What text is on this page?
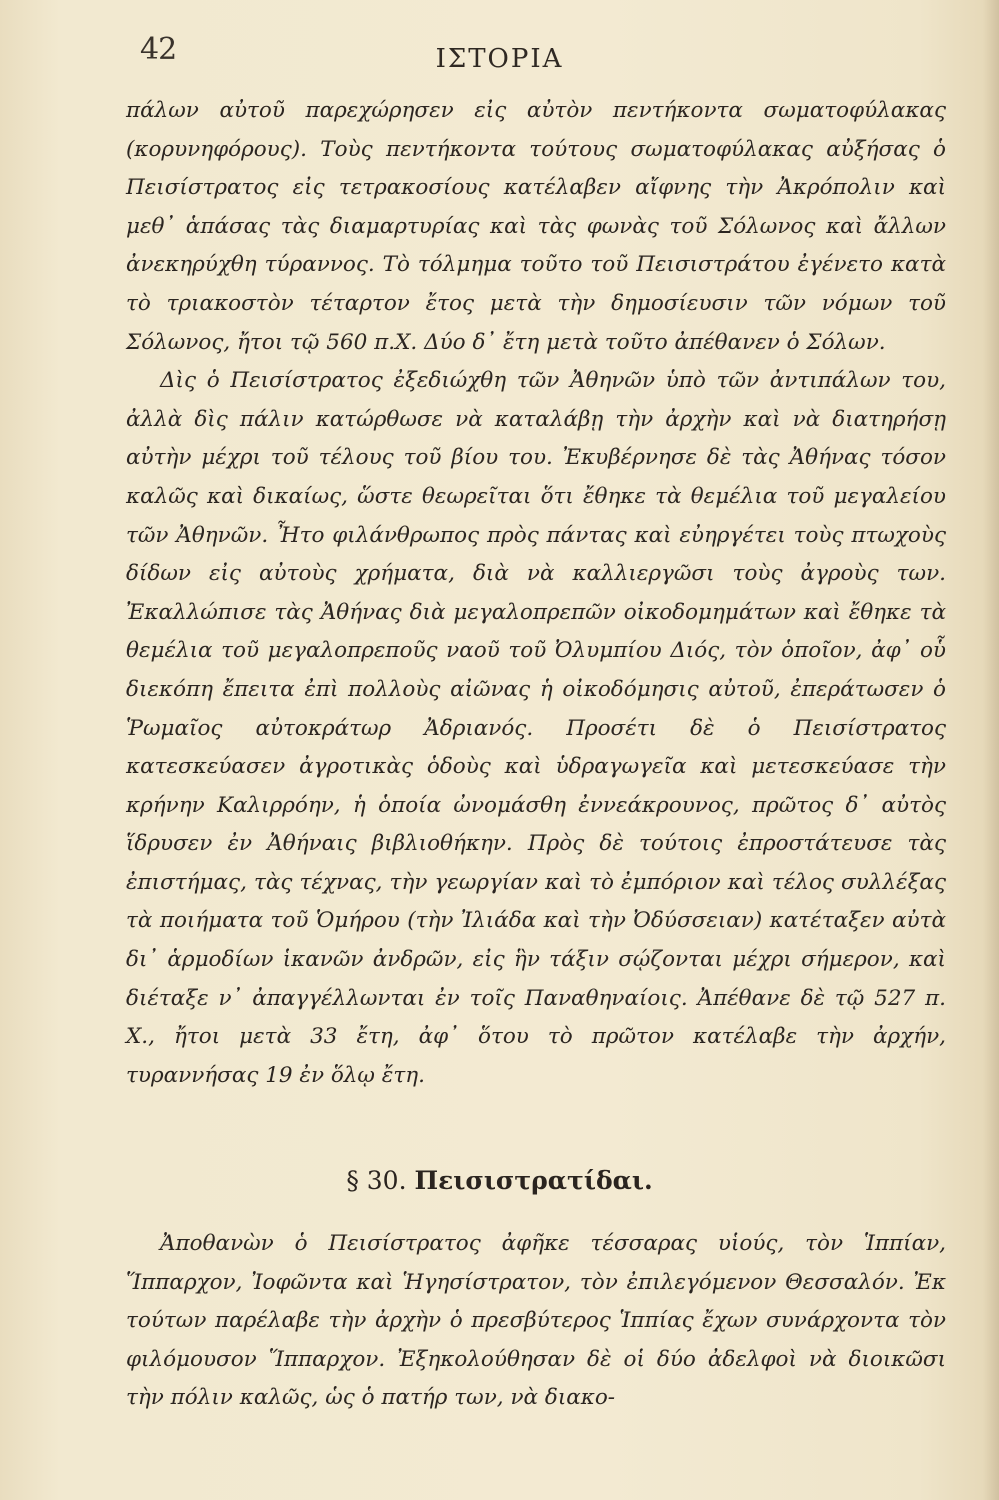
42	ΙΣΤΟΡΙΑ

πάλων αὐτοῦ παρεχώρησεν εἰς αὐτὸν πεντήκοντα σωματοφύλακας (κορυνηφόρους). Τοὺς πεντήκοντα τούτους σωματοφύλακας αὐξήσας ὁ Πεισίστρατος εἰς τετρακοσίους κατέλαβεν αἴφνης τὴν Ἀκρόπολιν καὶ μεθ᾽ ἁπάσας τὰς διαμαρτυρίας καὶ τὰς φωνὰς τοῦ Σόλωνος καὶ ἄλλων ἀνεκηρύχθη τύραννος. Τὸ τόλμημα τοῦτο τοῦ Πεισιστράτου ἐγένετο κατὰ τὸ τριακοστὸν τέταρτον ἔτος μετὰ τὴν δημοσίευσιν τῶν νόμων τοῦ Σόλωνος, ἤτοι τῷ 560 π.Χ. Δύο δ᾽ ἔτη μετὰ τοῦτο ἀπέθανεν ὁ Σόλων.

Δὶς ὁ Πεισίστρατος ἐξεδιώχθη τῶν Ἀθηνῶν ὑπὸ τῶν ἀντιπάλων του, ἀλλὰ δὶς πάλιν κατώρθωσε νὰ καταλάβῃ τὴν ἀρχὴν καὶ νὰ διατηρήσῃ αὐτὴν μέχρι τοῦ τέλους τοῦ βίου του. Ἐκυβέρνησε δὲ τὰς Ἀθήνας τόσον καλῶς καὶ δικαίως, ὥστε θεωρεῖται ὅτι ἔθηκε τὰ θεμέλια τοῦ μεγαλείου τῶν Ἀθηνῶν. Ἦτο φιλάνθρωπος πρὸς πάντας καὶ εὐηργέτει τοὺς πτωχοὺς δίδων εἰς αὐτοὺς χρήματα, διὰ νὰ καλλιεργῶσι τοὺς ἀγροὺς των. Ἐκαλλώπισε τὰς Ἀθήνας διὰ μεγαλοπρεπῶν οἰκοδομημάτων καὶ ἔθηκε τὰ θεμέλια τοῦ μεγαλοπρεποῦς ναοῦ τοῦ Ὀλυμπίου Διός, τὸν ὁποῖον, ἀφ᾽ οὗ διεκόπη ἔπειτα ἐπὶ πολλοὺς αἰῶνας ἡ οἰκοδόμησις αὐτοῦ, ἐπεράτωσεν ὁ Ῥωμαῖος αὐτοκράτωρ Ἀδριανός. Προσέτι δὲ ὁ Πεισίστρατος κατεσκεύασεν ἀγροτικὰς ὁδοὺς καὶ ὑδραγωγεῖα καὶ μετεσκεύασε τὴν κρήνην Καλιρρόην, ἡ ὁποία ὠνομάσθη ἐννεάκρουνος, πρῶτος δ᾽ αὐτὸς ἵδρυσεν ἐν Ἀθήναις βιβλιοθήκην. Πρὸς δὲ τούτοις ἐπροστάτευσε τὰς ἐπιστήμας, τὰς τέχνας, τὴν γεωργίαν καὶ τὸ ἐμπόριον καὶ τέλος συλλέξας τὰ ποιήματα τοῦ Ὁμήρου (τὴν Ἰλιάδα καὶ τὴν Ὀδύσσειαν) κατέταξεν αὐτὰ δι᾽ ἁρμοδίων ἱκανῶν ἀνδρῶν, εἰς ἣν τάξιν σῴζονται μέχρι σήμερον, καὶ διέταξε ν᾽ ἀπαγγέλλωνται ἐν τοῖς Παναθηναίοις. Ἀπέθανε δὲ τῷ 527 π. Χ., ἤτοι μετὰ 33 ἔτη, ἀφ᾽ ὅτου τὸ πρῶτον κατέλαβε τὴν ἀρχήν, τυραννήσας 19 ἐν ὅλῳ ἔτη.

§ 30. Πεισιστρατίδαι.

Ἀποθανὼν ὁ Πεισίστρατος ἀφῆκε τέσσαρας υἱούς, τὸν Ἱππίαν, Ἵππαρχον, Ἰοφῶντα καὶ Ἡγησίστρατον, τὸν ἐπιλεγόμενον Θεσσαλόν. Ἐκ τούτων παρέλαβε τὴν ἀρχὴν ὁ πρεσβύτερος Ἱππίας ἔχων συνάρχοντα τὸν φιλόμουσον Ἵππαρχον. Ἐξηκολούθησαν δὲ οἱ δύο ἀδελφοὶ νὰ διοικῶσι τὴν πόλιν καλῶς, ὡς ὁ πατήρ των, νὰ διακο-
